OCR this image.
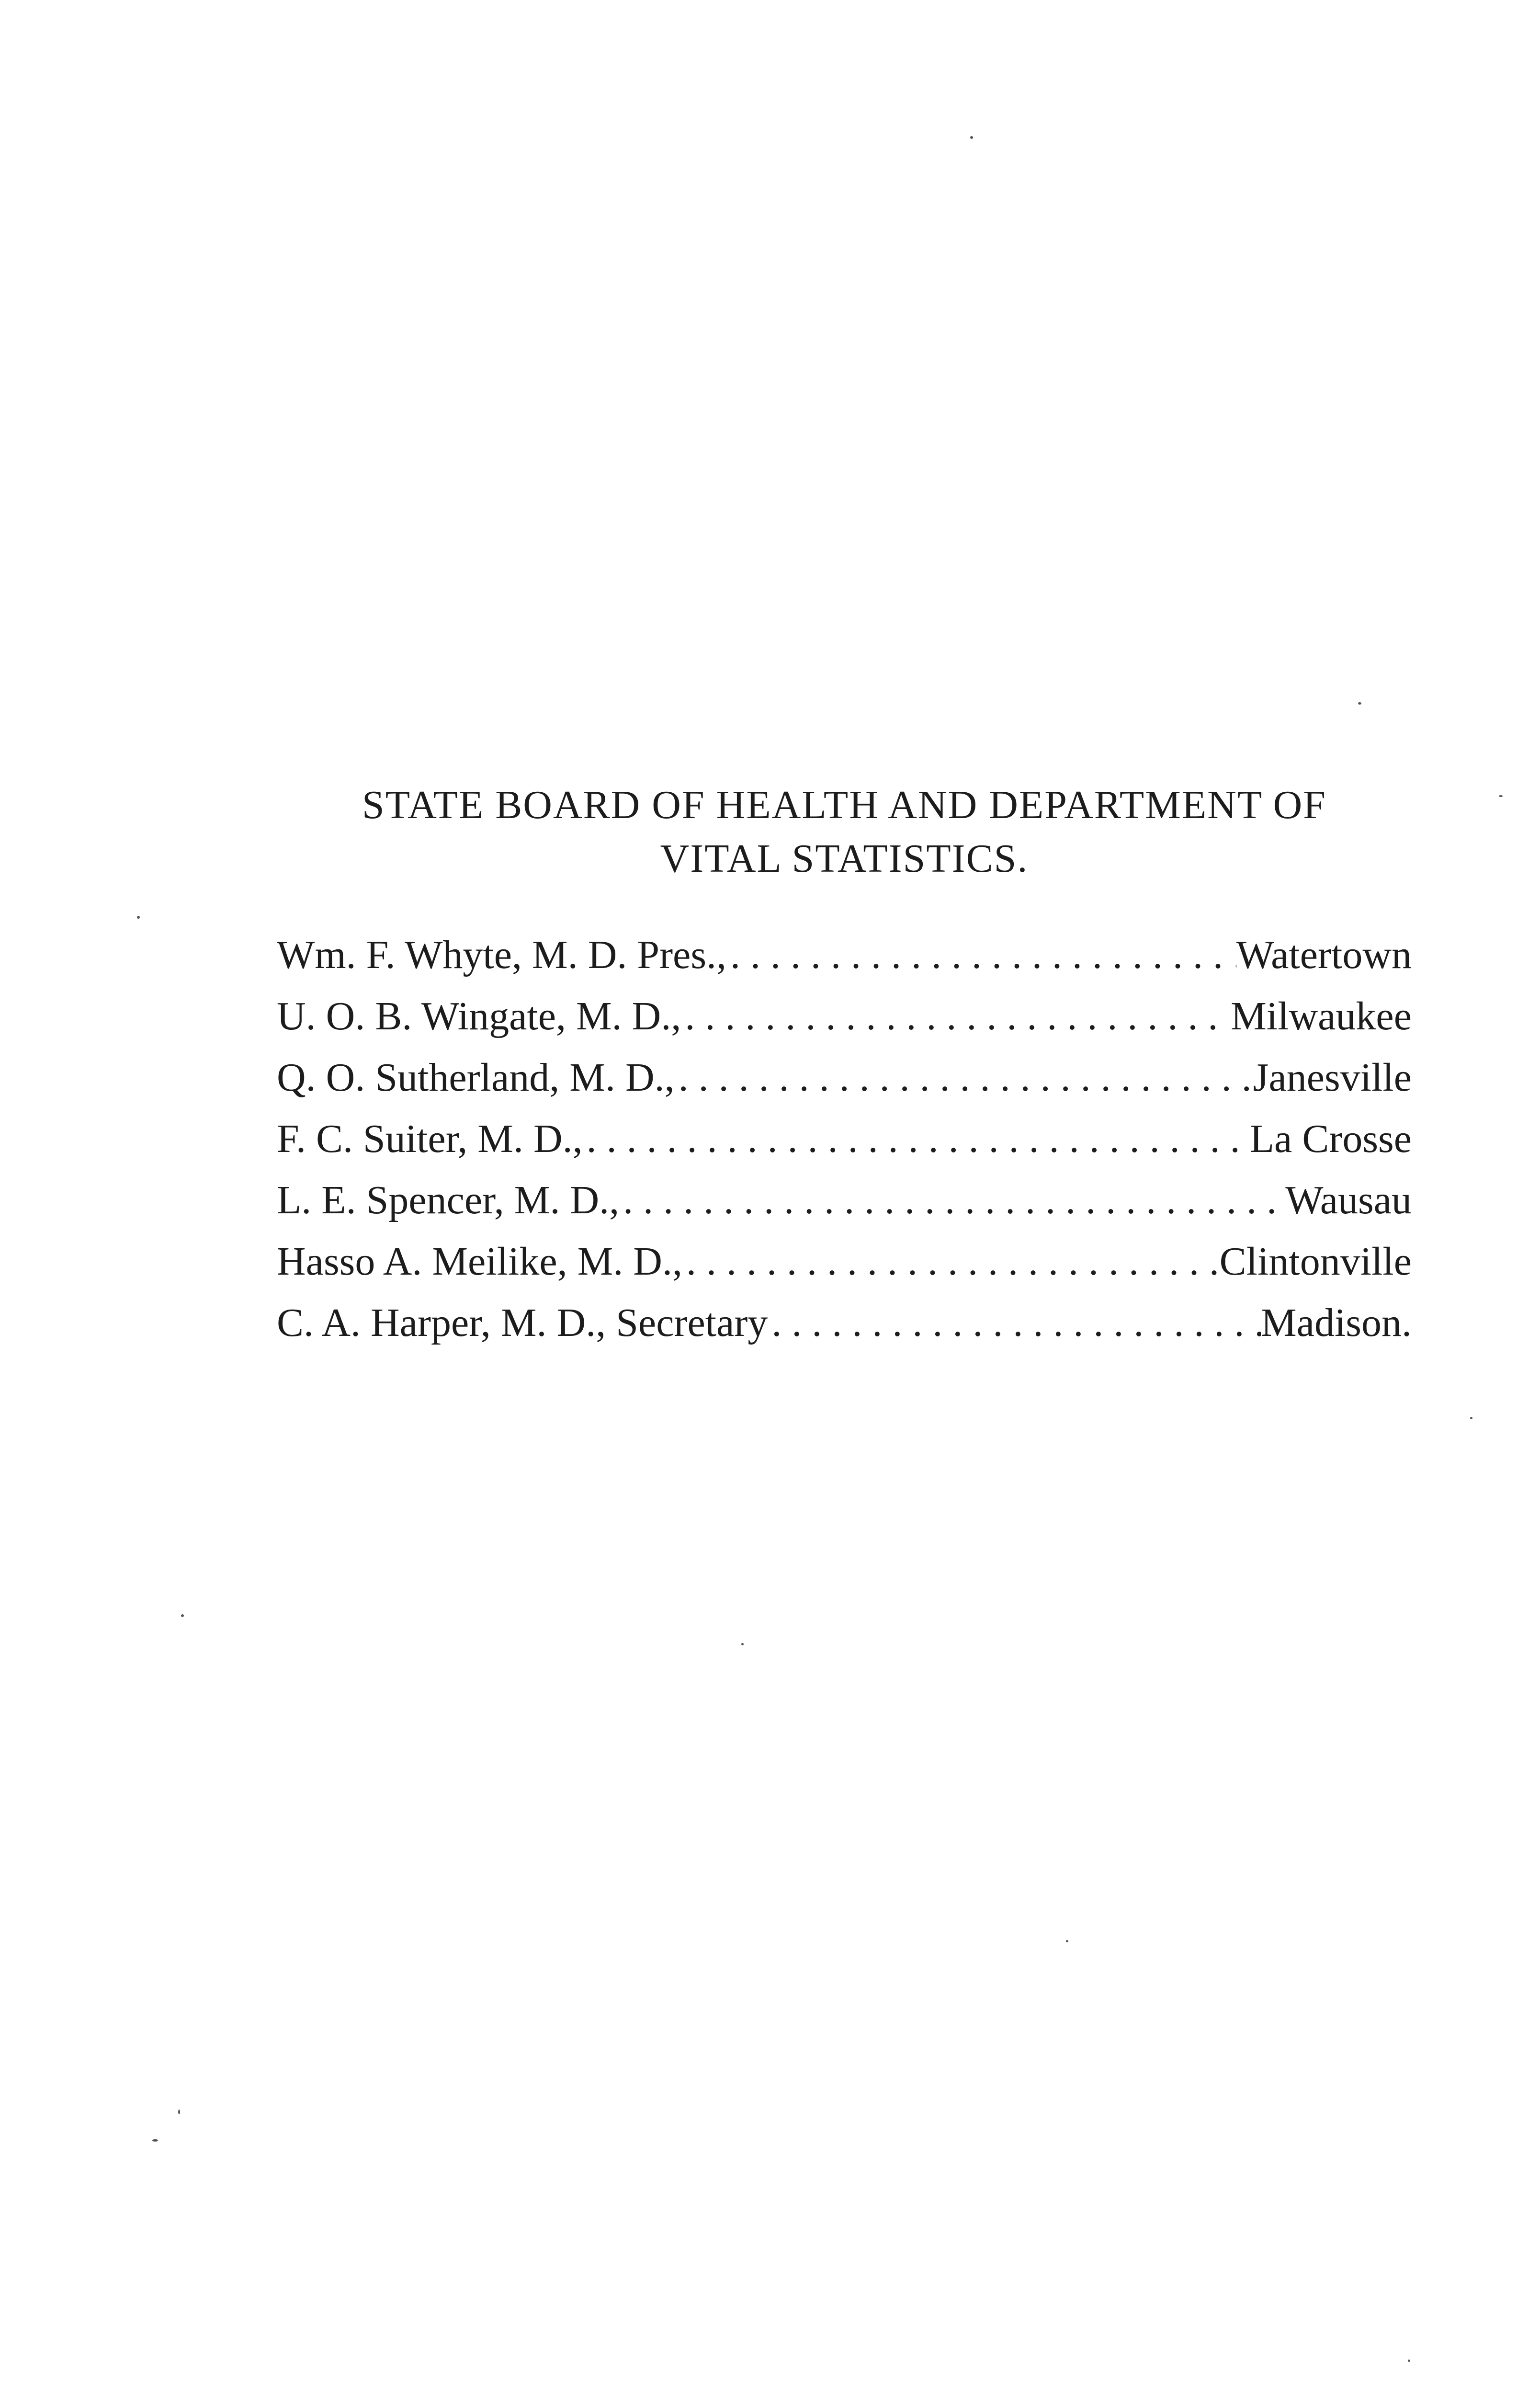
STATE BOARD OF HEALTH AND DEPARTMENT OF
VITAL STATISTICS.
Wm. F. Whyte, M. D. Pres., . . .	Watertown
U. O. B. Wingate, M. D., . . .	Milwaukee
Q. O. Sutherland, M. D., . . .	Janesville
F. C. Suiter, M. D., . . .	La Crosse
L. E. Spencer, M. D., . . .	Wausau
Hasso A. Meilike, M. D., . . .	Clintonville
C. A. Harper, M. D., Secretary . . .	Madison.
